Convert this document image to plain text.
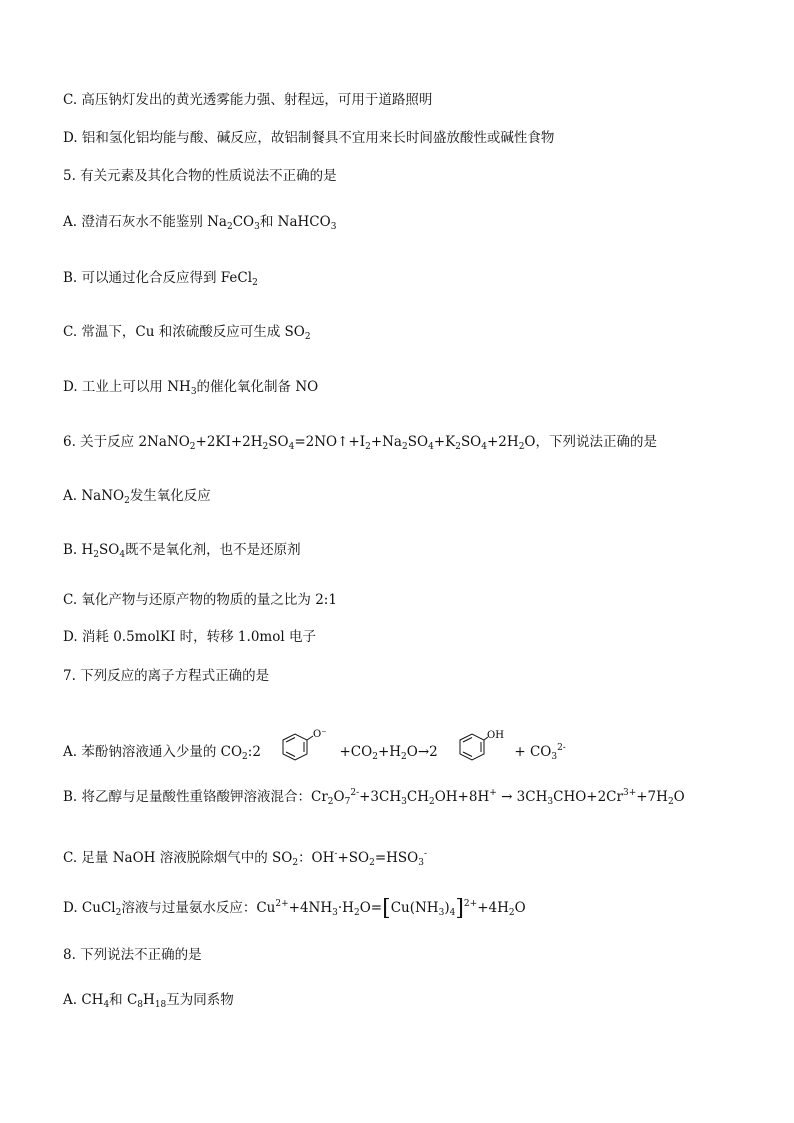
C. 高压钠灯发出的黄光透雾能力强、射程远，可用于道路照明
D. 铝和氢化铝均能与酸、碱反应，故铝制餐具不宜用来长时间盛放酸性或碱性食物
5. 有关元素及其化合物的性质说法不正确的是
A. 澄清石灰水不能鉴别 $Na_2CO_3$和 NaHCO$_3$
B. 可以通过化合反应得到 FeCl$_2$
C. 常温下，Cu 和浓硫酸反应可生成 $SO_2$
D. 工业上可以用 $NH_3$的催化氧化制备 NO
6. 关于反应 $2NaNO_2+2KI+2H_2SO_4=2NO↑+I_2+Na_2SO_4+K_2SO_4+2H_2O$，下列说法正确的是
A. NaNO$_2$发生氧化反应
B. $H_2SO_4$既不是氧化剂，也不是还原剂
C. 氧化产物与还原产物的物质的量之比为 2:1
D. 消耗 0.5molKI 时，转移 1.0mol 电子
7. 下列反应的离子方程式正确的是
A. 苯酚钠溶液通入少量的 $CO_2:2$
O⁻
$+CO_2+H_2O\to 2$
OH
+ $CO_3^{2-}$
B. 将乙醇与足量酸性重铬酸钾溶液混合：$Cr_2O_7^{2-}+3CH_3CH_2OH+8H^+ \to 3CH_3CHO+2Cr^{3+}+7H_2O$
C. 足量 NaOH 溶液脱除烟气中的 $SO_2$：$OH^-+SO_2=HSO_3^-$
D. CuCl$_2$溶液与过量氨水反应：$Cu^{2+}+4NH_3\cdot H_2O=[Cu(NH_3)_4]^{2+}+4H_2O$
8. 下列说法不正确的是
A. $CH_4$和 $C_8H_{18}$互为同系物
